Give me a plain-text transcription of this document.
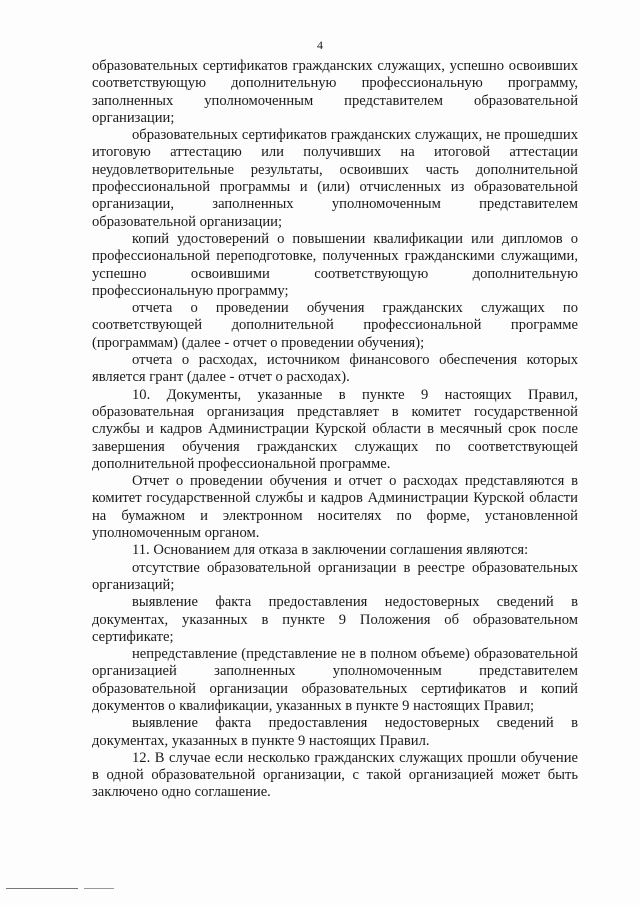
4

образовательных сертификатов гражданских служащих, успешно освоивших соответствующую дополнительную профессиональную программу, заполненных уполномоченным представителем образовательной организации;

образовательных сертификатов гражданских служащих, не прошедших итоговую аттестацию или получивших на итоговой аттестации неудовлетворительные результаты, освоивших часть дополнительной профессиональной программы и (или) отчисленных из образовательной организации, заполненных уполномоченным представителем образовательной организации;

копий удостоверений о повышении квалификации или дипломов о профессиональной переподготовке, полученных гражданскими служащими, успешно освоившими соответствующую дополнительную профессиональную программу;

отчета о проведении обучения гражданских служащих по соответствующей дополнительной профессиональной программе (программам) (далее - отчет о проведении обучения);

отчета о расходах, источником финансового обеспечения которых является грант (далее - отчет о расходах).

10. Документы, указанные в пункте 9 настоящих Правил, образовательная организация представляет в комитет государственной службы и кадров Администрации Курской области в месячный срок после завершения обучения гражданских служащих по соответствующей дополнительной профессиональной программе.

Отчет о проведении обучения и отчет о расходах представляются в комитет государственной службы и кадров Администрации Курской области на бумажном и электронном носителях по форме, установленной уполномоченным органом.

11. Основанием для отказа в заключении соглашения являются:

отсутствие образовательной организации в реестре образовательных организаций;

выявление факта предоставления недостоверных сведений в документах, указанных в пункте 9 Положения об образовательном сертификате;

непредставление (представление не в полном объеме) образовательной организацией заполненных уполномоченным представителем образовательной организации образовательных сертификатов и копий документов о квалификации, указанных в пункте 9 настоящих Правил;

выявление факта предоставления недостоверных сведений в документах, указанных в пункте 9 настоящих Правил.

12. В случае если несколько гражданских служащих прошли обучение в одной образовательной организации, с такой организацией может быть заключено одно соглашение.
